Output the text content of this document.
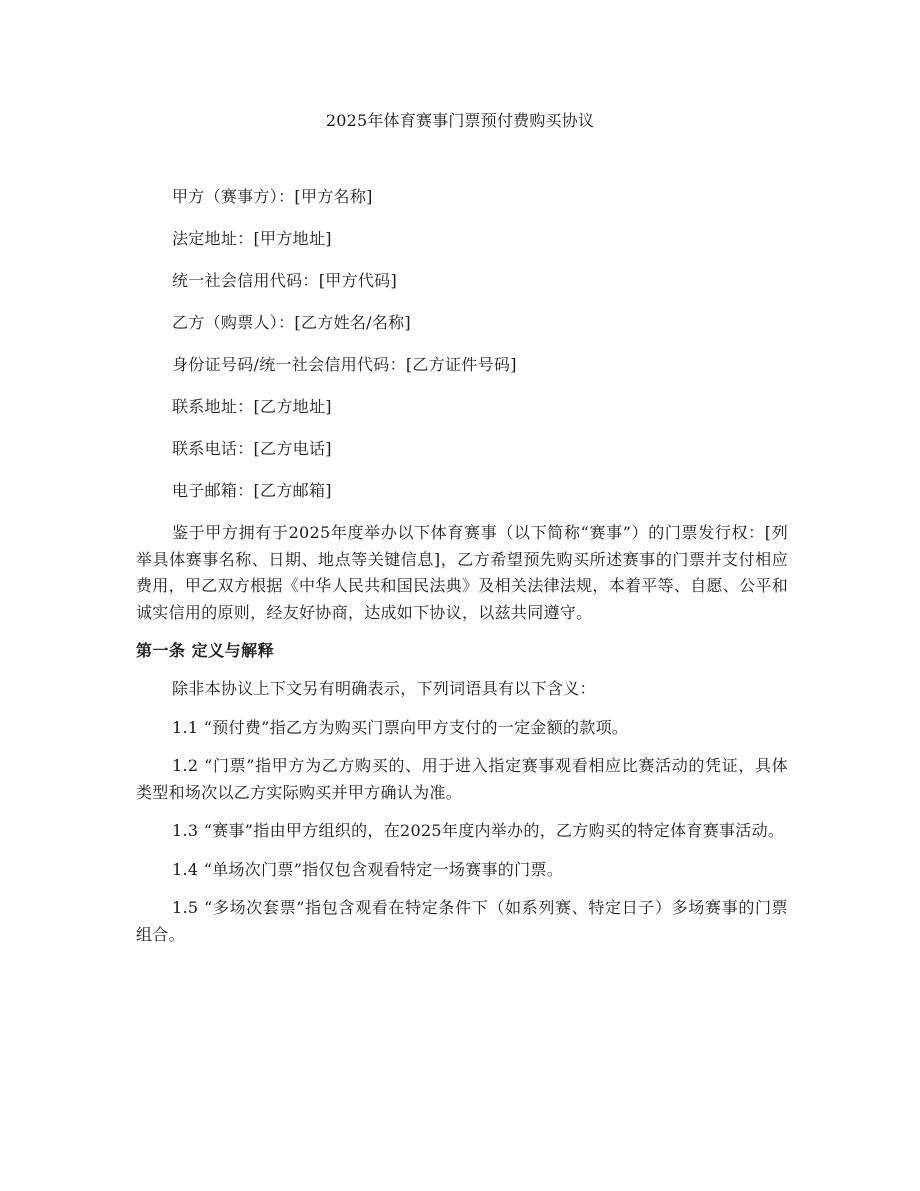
2025年体育赛事门票预付费购买协议
甲方（赛事方）：[甲方名称]
法定地址：[甲方地址]
统一社会信用代码：[甲方代码]
乙方（购票人）：[乙方姓名/名称]
身份证号码/统一社会信用代码：[乙方证件号码]
联系地址：[乙方地址]
联系电话：[乙方电话]
电子邮箱：[乙方邮箱]

鉴于甲方拥有于2025年度举办以下体育赛事（以下简称“赛事”）的门票发行权：[列举具体赛事名称、日期、地点等关键信息]，乙方希望预先购买所述赛事的门票并支付相应费用，甲乙双方根据《中华人民共和国民法典》及相关法律法规，本着平等、自愿、公平和诚实信用的原则，经友好协商，达成如下协议，以兹共同遵守。

第一条 定义与解释

除非本协议上下文另有明确表示，下列词语具有以下含义：

1.1 “预付费”指乙方为购买门票向甲方支付的一定金额的款项。

1.2 “门票”指甲方为乙方购买的、用于进入指定赛事观看相应比赛活动的凭证，具体类型和场次以乙方实际购买并甲方确认为准。

1.3 “赛事”指由甲方组织的，在2025年度内举办的，乙方购买的特定体育赛事活动。

1.4 “单场次门票”指仅包含观看特定一场赛事的门票。

1.5 “多场次套票”指包含观看在特定条件下（如系列赛、特定日子）多场赛事的门票组合。
